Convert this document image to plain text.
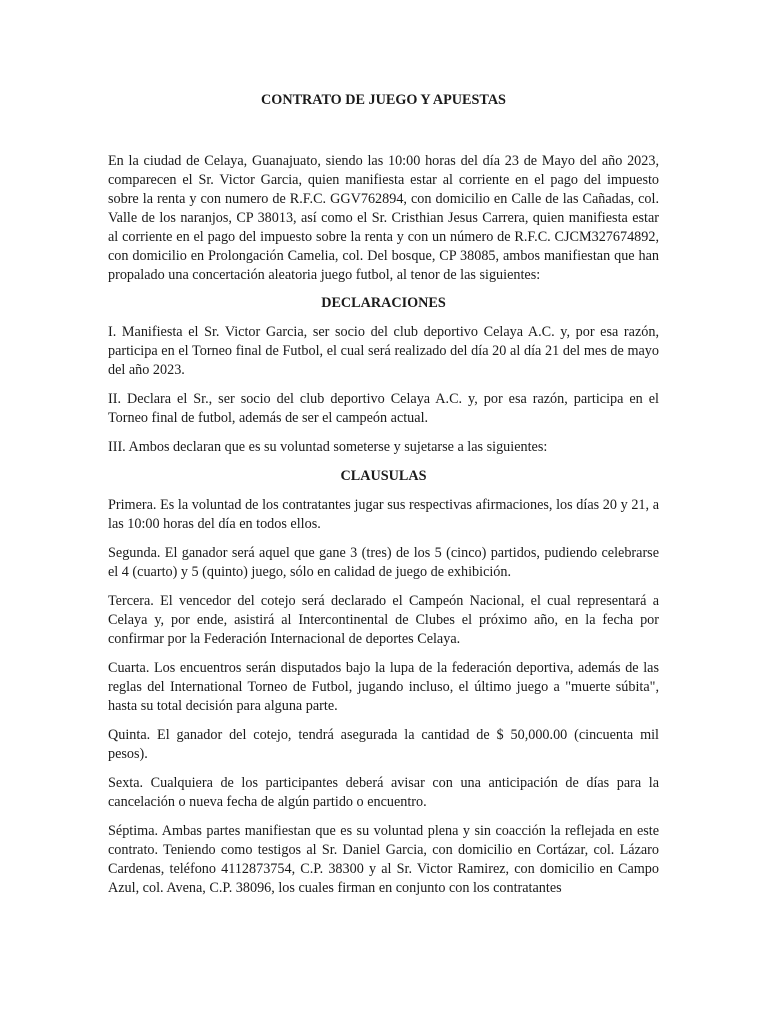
CONTRATO DE JUEGO Y APUESTAS

En la ciudad de Celaya, Guanajuato, siendo las 10:00 horas del día 23 de Mayo del año 2023, comparecen el Sr. Victor Garcia, quien manifiesta estar al corriente en el pago del impuesto sobre la renta y con numero de R.F.C. GGV762894, con domicilio en Calle de las Cañadas, col. Valle de los naranjos, CP 38013, así como el Sr. Cristhian Jesus Carrera, quien manifiesta estar al corriente en el pago del impuesto sobre la renta y con un número de R.F.C. CJCM327674892, con domicilio en Prolongación Camelia, col. Del bosque, CP 38085, ambos manifiestan que han propalado una concertación aleatoria juego futbol, al tenor de las siguientes:

DECLARACIONES

I. Manifiesta el Sr. Victor Garcia, ser socio del club deportivo Celaya A.C. y, por esa razón, participa en el Torneo final de Futbol, el cual será realizado del día 20 al día 21 del mes de mayo del año 2023.

II. Declara el Sr., ser socio del club deportivo Celaya A.C. y, por esa razón, participa en el Torneo final de futbol, además de ser el campeón actual.

III. Ambos declaran que es su voluntad someterse y sujetarse a las siguientes:

CLAUSULAS

Primera. Es la voluntad de los contratantes jugar sus respectivas afirmaciones, los días 20 y 21, a las 10:00 horas del día en todos ellos.

Segunda. El ganador será aquel que gane 3 (tres) de los 5 (cinco) partidos, pudiendo celebrarse el 4 (cuarto) y 5 (quinto) juego, sólo en calidad de juego de exhibición.

Tercera. El vencedor del cotejo será declarado el Campeón Nacional, el cual representará a Celaya y, por ende, asistirá al Intercontinental de Clubes el próximo año, en la fecha por confirmar por la Federación Internacional de deportes Celaya.

Cuarta. Los encuentros serán disputados bajo la lupa de la federación deportiva, además de las reglas del International Torneo de Futbol, jugando incluso, el último juego a "muerte súbita", hasta su total decisión para alguna parte.

Quinta. El ganador del cotejo, tendrá asegurada la cantidad de $ 50,000.00 (cincuenta mil pesos).

Sexta. Cualquiera de los participantes deberá avisar con una anticipación de días para la cancelación o nueva fecha de algún partido o encuentro.

Séptima. Ambas partes manifiestan que es su voluntad plena y sin coacción la reflejada en este contrato. Teniendo como testigos al Sr. Daniel Garcia, con domicilio en Cortázar, col. Lázaro Cardenas, teléfono 4112873754, C.P. 38300 y al Sr. Victor Ramirez, con domicilio en Campo Azul, col. Avena, C.P. 38096, los cuales firman en conjunto con los contratantes
